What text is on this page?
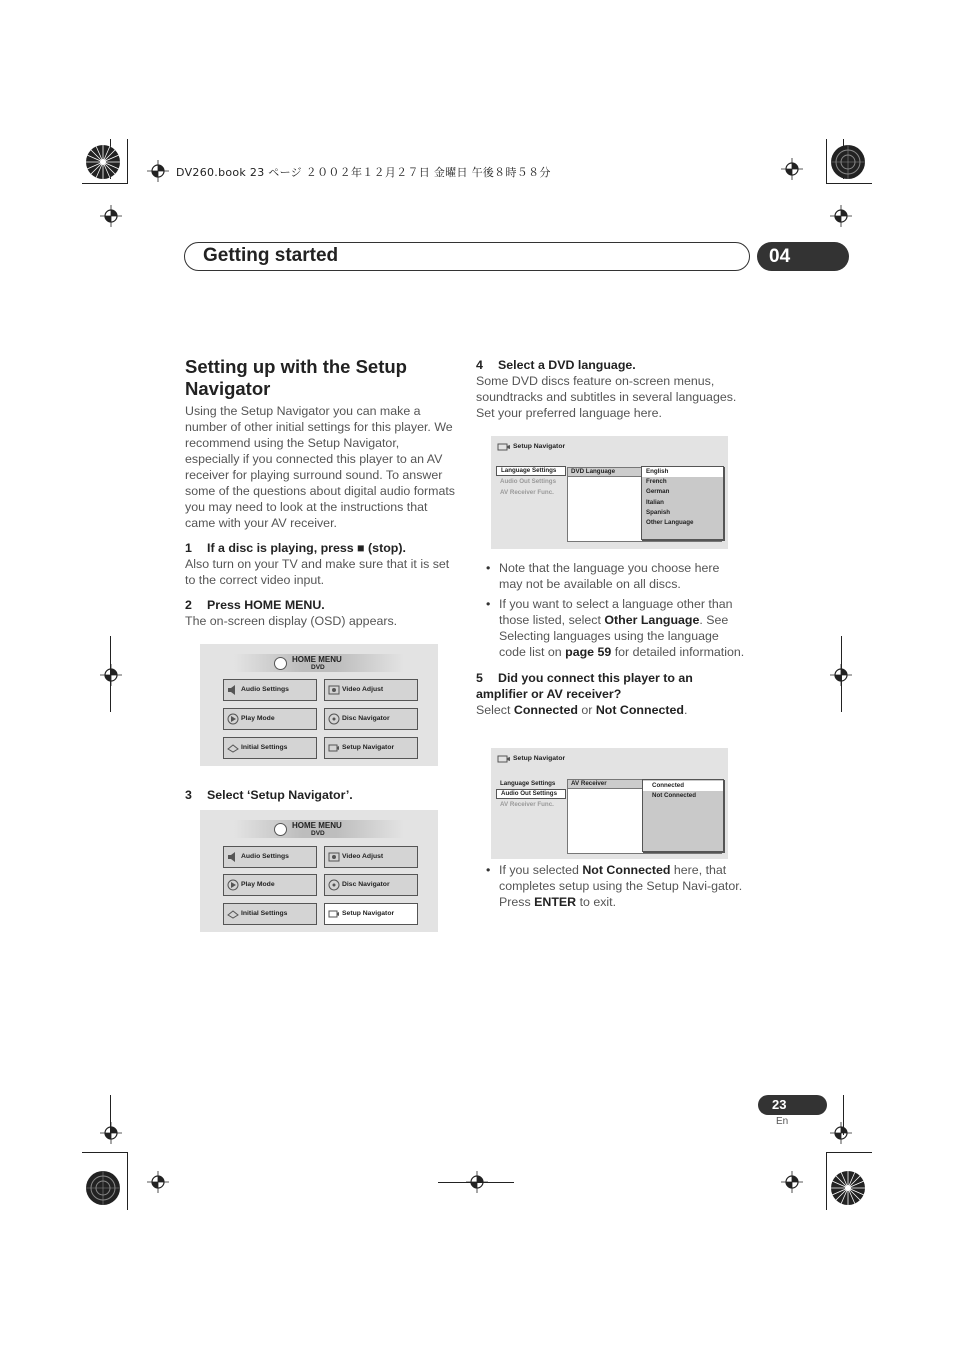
DV260.book 23 ページ ２００２年１２月２７日 金曜日 午後８時５８分
Getting started	04
Setting up with the Setup Navigator

Using the Setup Navigator you can make a number of other initial settings for this player. We recommend using the Setup Navigator, especially if you connected this player to an AV receiver for playing surround sound. To answer some of the questions about digital audio formats you may need to look at the instructions that came with your AV receiver.

1 If a disc is playing, press ■ (stop).

Also turn on your TV and make sure that it is set to the correct video input.

2 Press HOME MENU.

The on-screen display (OSD) appears.

3 Select ‘Setup Navigator’.
HOME MENU
DVD
Audio Settings	Video Adjust
Play Mode	Disc Navigator
Initial Settings	Setup Navigator
HOME MENU
DVD
Audio Settings	Video Adjust
Play Mode	Disc Navigator
Initial Settings	Setup Navigator
4 Select a DVD language.

Some DVD discs feature on-screen menus, soundtracks and subtitles in several languages. Set your preferred language here.

Setup Navigator
Language Settings
Audio Out Settings
AV Receiver Func.
DVD Language	English
French
German
Italian
Spanish
Other Language
• Note that the language you choose here may not be available on all discs.
• If you want to select a language other than those listed, select Other Language. See Selecting languages using the language code list on page 59 for detailed information.
5 Did you connect this player to an amplifier or AV receiver?

Select Connected or Not Connected.

Setup Navigator
Language Settings
Audio Out Settings
AV Receiver Func.
AV Receiver	Connected
Not Connected
• If you selected Not Connected here, that completes setup using the Setup Navi-gator. Press ENTER to exit.
23
En
